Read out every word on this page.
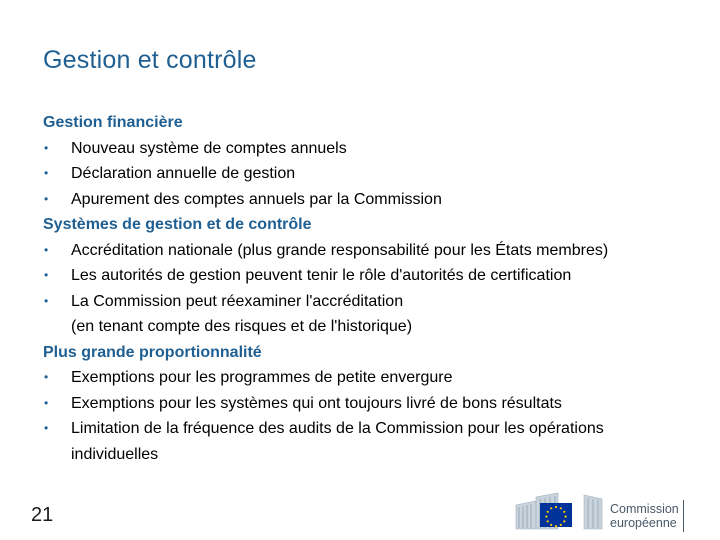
Gestion et contrôle
Gestion financière
•	Nouveau système de comptes annuels
•	Déclaration annuelle de gestion
•	Apurement des comptes annuels par la Commission
Systèmes de gestion et de contrôle
•	Accréditation nationale (plus grande responsabilité pour les États membres)
•	Les autorités de gestion peuvent tenir le rôle d'autorités de certification
•	La Commission peut réexaminer l'accréditation
(en tenant compte des risques et de l'historique)
Plus grande proportionnalité
•	Exemptions pour les programmes de petite envergure
•	Exemptions pour les systèmes qui ont toujours livré de bons résultats
•	Limitation de la fréquence des audits de la Commission pour les opérations
individuelles
21	Commission
européenne
